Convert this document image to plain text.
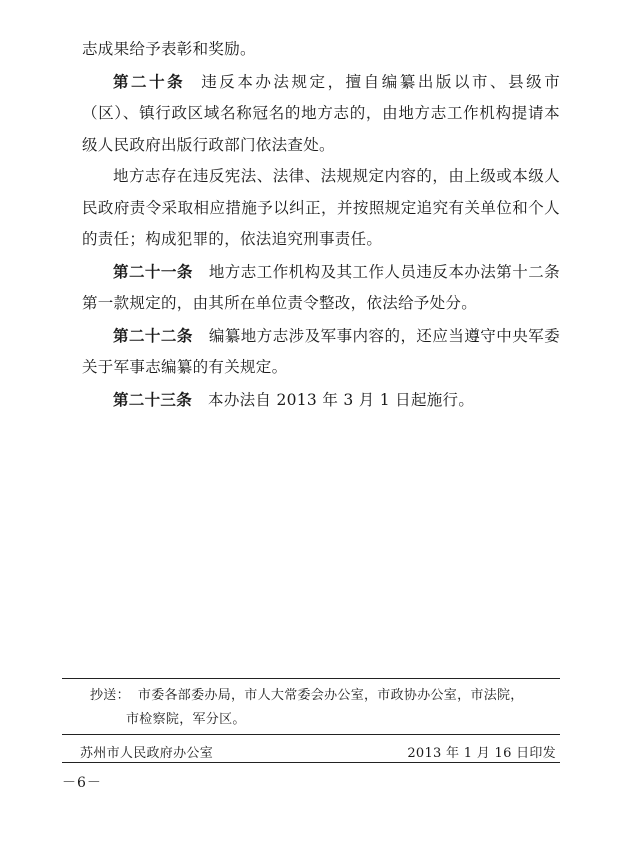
志成果给予表彰和奖励。

第二十条 违反本办法规定，擅自编纂出版以市、县级市（区）、镇行政区域名称冠名的地方志的，由地方志工作机构提请本级人民政府出版行政部门依法查处。

地方志存在违反宪法、法律、法规规定内容的，由上级或本级人民政府责令采取相应措施予以纠正，并按照规定追究有关单位和个人的责任；构成犯罪的，依法追究刑事责任。

第二十一条 地方志工作机构及其工作人员违反本办法第十二条第一款规定的，由其所在单位责令整改，依法给予处分。

第二十二条 编纂地方志涉及军事内容的，还应当遵守中央军委关于军事志编纂的有关规定。

第二十三条 本办法自 2013 年 3 月 1 日起施行。

抄送： 市委各部委办局，市人大常委会办公室，市政协办公室，市法院，
市检察院，军分区。
苏州市人民政府办公室	2013 年 1 月 16 日印发
－6－
